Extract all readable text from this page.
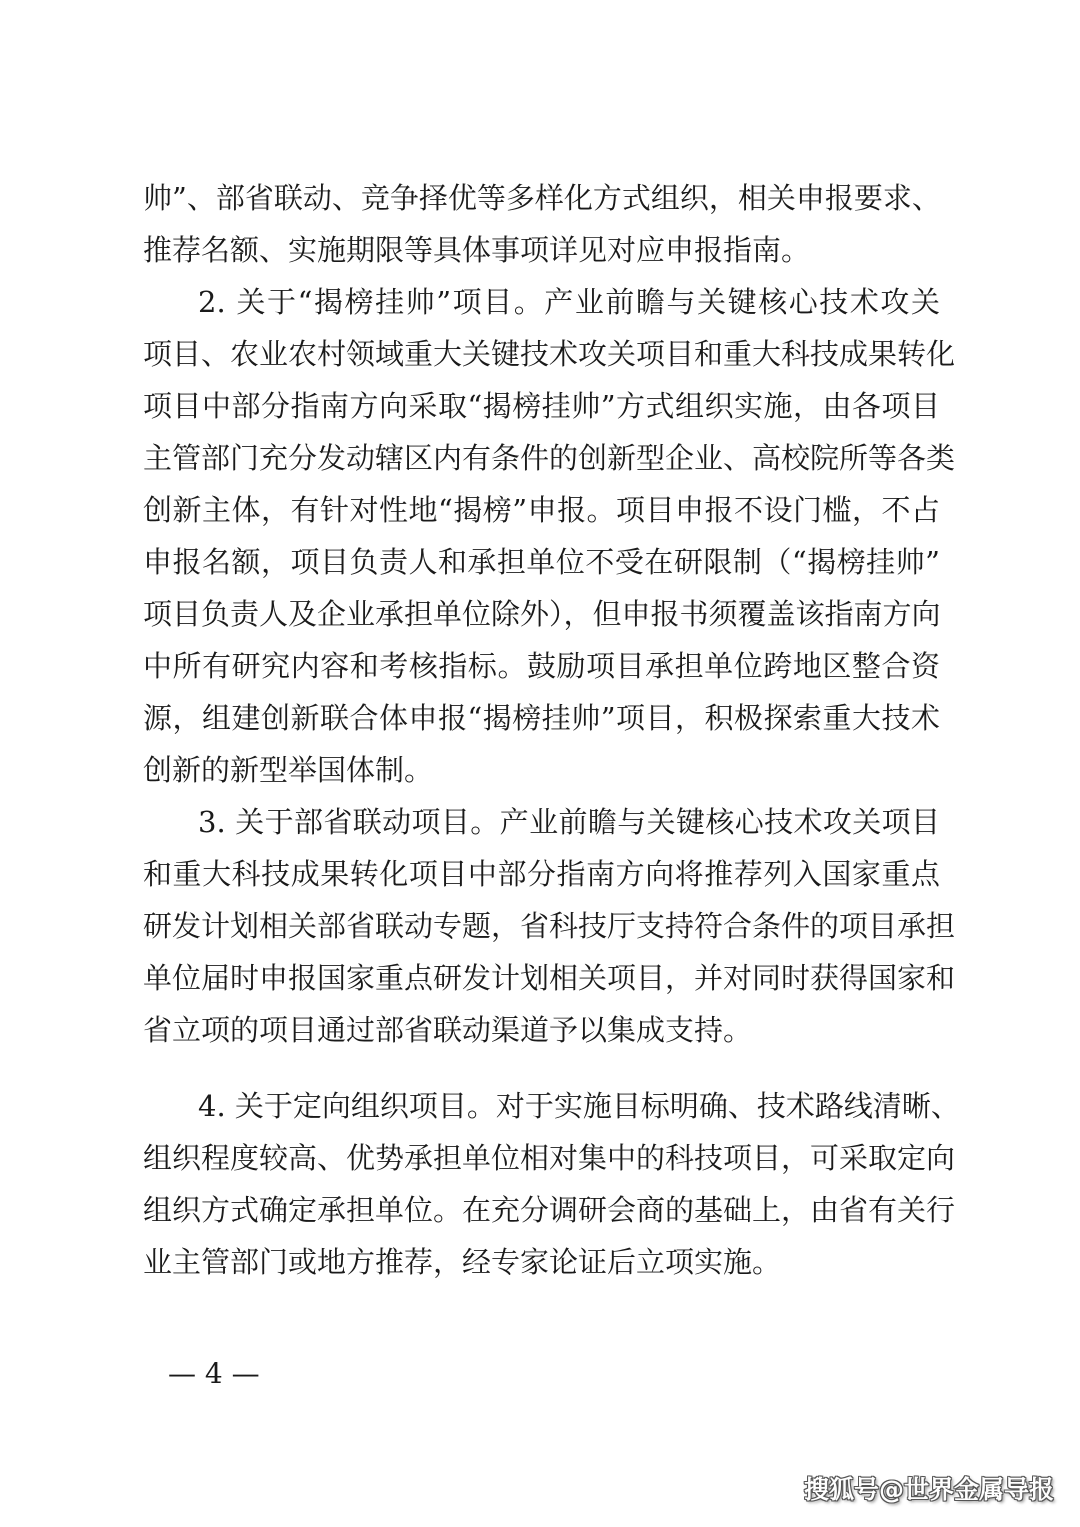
帅”、部省联动、竞争择优等多样化方式组织，相关申报要求、
推荐名额、实施期限等具体事项详见对应申报指南。
2. 关于“揭榜挂帅”项目。产业前瞻与关键核心技术攻关
项目、农业农村领域重大关键技术攻关项目和重大科技成果转化
项目中部分指南方向采取“揭榜挂帅”方式组织实施，由各项目
主管部门充分发动辖区内有条件的创新型企业、高校院所等各类
创新主体，有针对性地“揭榜”申报。项目申报不设门槛，不占
申报名额，项目负责人和承担单位不受在研限制（“揭榜挂帅”
项目负责人及企业承担单位除外），但申报书须覆盖该指南方向
中所有研究内容和考核指标。鼓励项目承担单位跨地区整合资
源，组建创新联合体申报“揭榜挂帅”项目，积极探索重大技术
创新的新型举国体制。
3. 关于部省联动项目。产业前瞻与关键核心技术攻关项目
和重大科技成果转化项目中部分指南方向将推荐列入国家重点
研发计划相关部省联动专题，省科技厅支持符合条件的项目承担
单位届时申报国家重点研发计划相关项目，并对同时获得国家和
省立项的项目通过部省联动渠道予以集成支持。
4. 关于定向组织项目。对于实施目标明确、技术路线清晰、
组织程度较高、优势承担单位相对集中的科技项目，可采取定向
组织方式确定承担单位。在充分调研会商的基础上，由省有关行
业主管部门或地方推荐，经专家论证后立项实施。
— 4 —
搜狐号@世界金属导报
